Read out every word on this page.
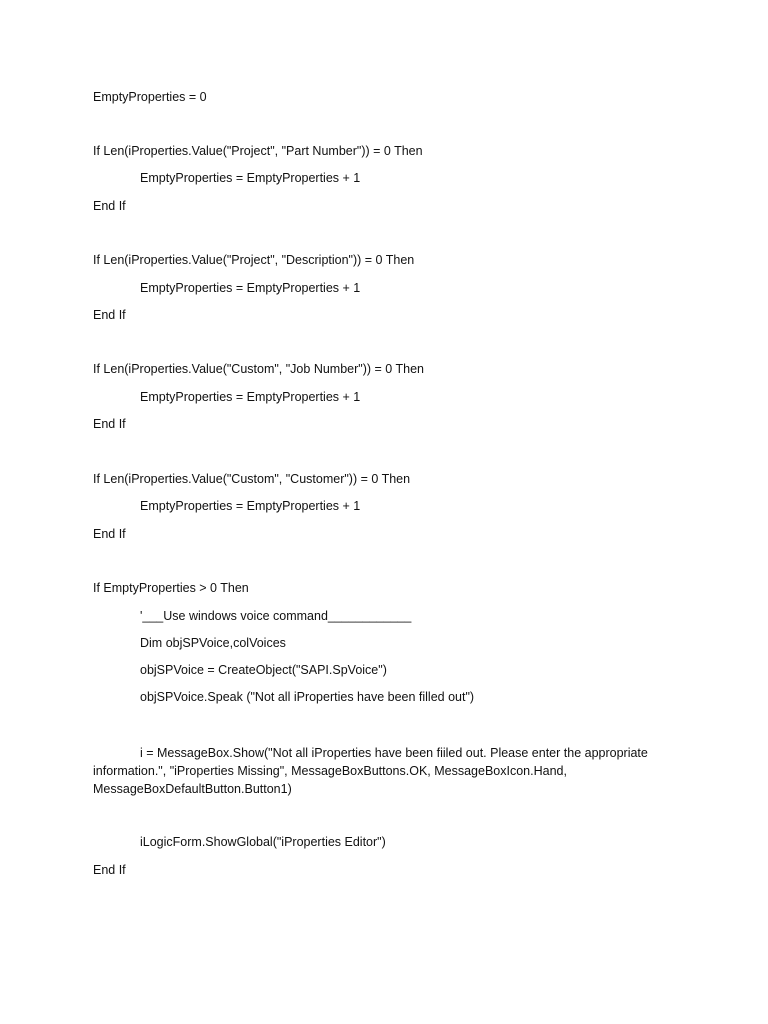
EmptyProperties = 0
If Len(iProperties.Value("Project", "Part Number")) = 0 Then
EmptyProperties = EmptyProperties + 1
End If
If Len(iProperties.Value("Project", "Description")) = 0 Then
EmptyProperties = EmptyProperties + 1
End If
If Len(iProperties.Value("Custom", "Job Number")) = 0 Then
EmptyProperties = EmptyProperties + 1
End If
If Len(iProperties.Value("Custom", "Customer")) = 0 Then
EmptyProperties = EmptyProperties + 1
End If
If EmptyProperties > 0 Then
'___Use windows voice command____________
Dim objSPVoice,colVoices
objSPVoice = CreateObject("SAPI.SpVoice")
objSPVoice.Speak ("Not all iProperties have been filled out")
i = MessageBox.Show("Not all iProperties have been fiiled out. Please enter the appropriate information.", "iProperties Missing", MessageBoxButtons.OK, MessageBoxIcon.Hand, MessageBoxDefaultButton.Button1)
iLogicForm.ShowGlobal("iProperties Editor")
End If
